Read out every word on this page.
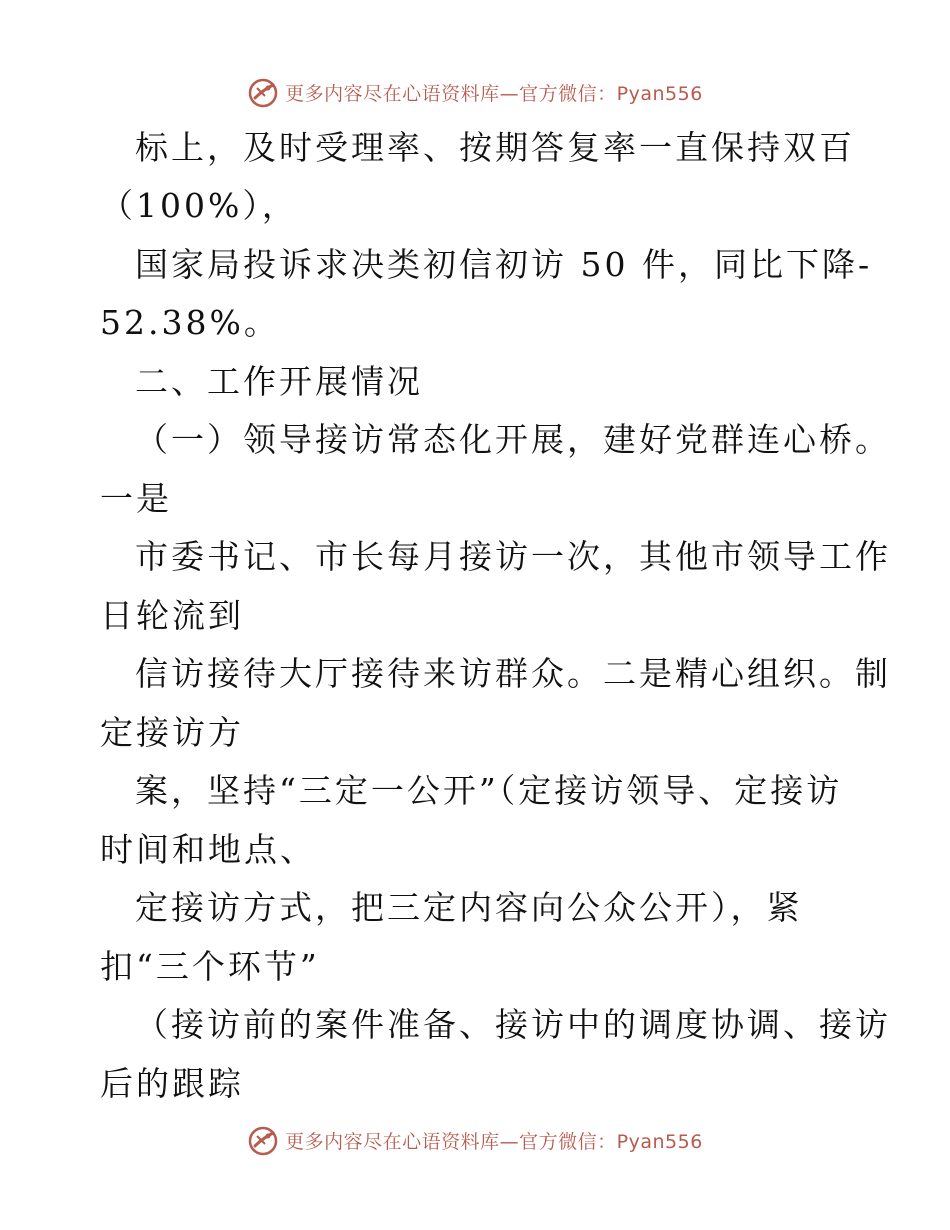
更多内容尽在心语资料库—官方微信：Pyan556
标上，及时受理率、按期答复率一直保持双百
（100%），
国家局投诉求决类初信初访 50 件，同比下降-
52.38%。
二、工作开展情况
（一）领导接访常态化开展，建好党群连心桥。
一是
市委书记、市长每月接访一次，其他市领导工作
日轮流到
信访接待大厅接待来访群众。二是精心组织。制
定接访方
案，坚持“三定一公开”（定接访领导、定接访
时间和地点、
定接访方式，把三定内容向公众公开），紧
扣“三个环节”
（接访前的案件准备、接访中的调度协调、接访
后的跟踪
更多内容尽在心语资料库—官方微信：Pyan556
